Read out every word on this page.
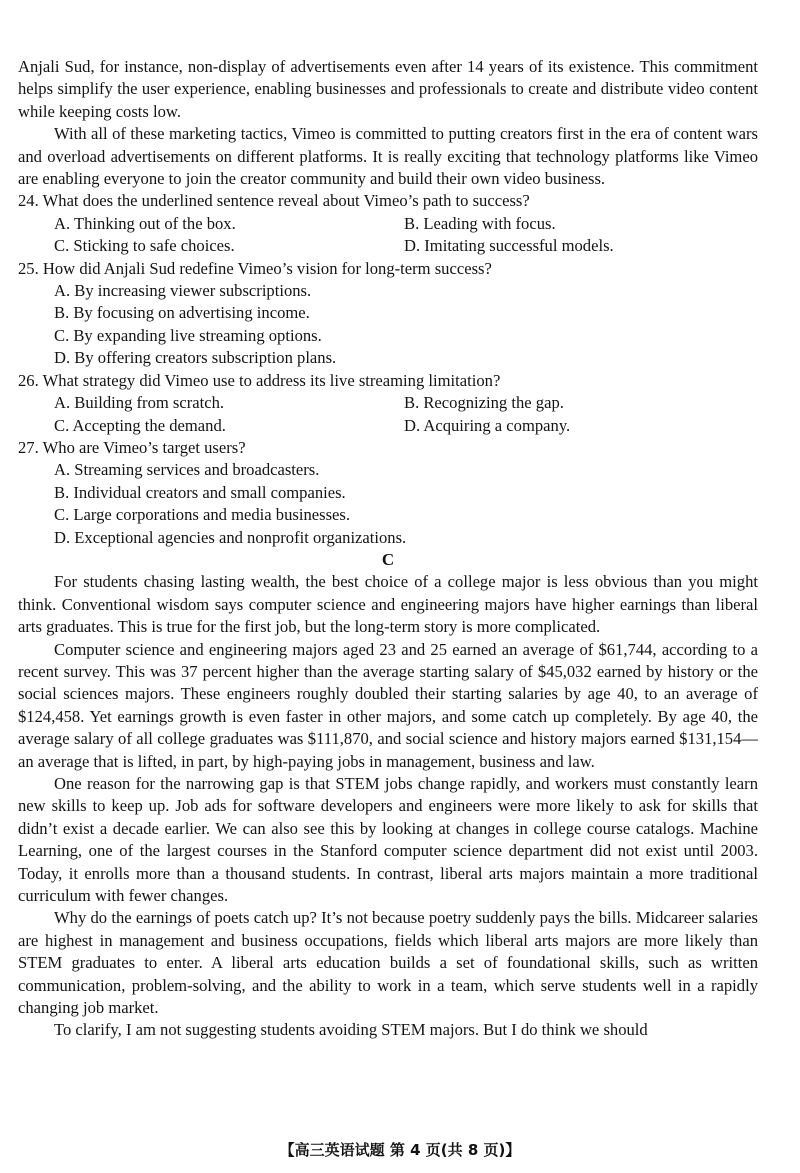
Anjali Sud, for instance, non-display of advertisements even after 14 years of its existence. This commitment helps simplify the user experience, enabling businesses and professionals to create and distribute video content while keeping costs low.

With all of these marketing tactics, Vimeo is committed to putting creators first in the era of content wars and overload advertisements on different platforms. It is really exciting that technology platforms like Vimeo are enabling everyone to join the creator community and build their own video business.

24. What does the underlined sentence reveal about Vimeo’s path to success?

A. Thinking out of the box.	B. Leading with focus.
C. Sticking to safe choices.	D. Imitating successful models.

25. How did Anjali Sud redefine Vimeo’s vision for long-term success?

A. By increasing viewer subscriptions.
B. By focusing on advertising income.
C. By expanding live streaming options.
D. By offering creators subscription plans.

26. What strategy did Vimeo use to address its live streaming limitation?

A. Building from scratch.	B. Recognizing the gap.
C. Accepting the demand.	D. Acquiring a company.

27. Who are Vimeo’s target users?

A. Streaming services and broadcasters.
B. Individual creators and small companies.
C. Large corporations and media businesses.
D. Exceptional agencies and nonprofit organizations.

C

For students chasing lasting wealth, the best choice of a college major is less obvious than you might think. Conventional wisdom says computer science and engineering majors have higher earnings than liberal arts graduates. This is true for the first job, but the long-term story is more complicated.

Computer science and engineering majors aged 23 and 25 earned an average of $61,744, according to a recent survey. This was 37 percent higher than the average starting salary of $45,032 earned by history or the social sciences majors. These engineers roughly doubled their starting salaries by age 40, to an average of $124,458. Yet earnings growth is even faster in other majors, and some catch up completely. By age 40, the average salary of all college graduates was $111,870, and social science and history majors earned $131,154—an average that is lifted, in part, by high-paying jobs in management, business and law.

One reason for the narrowing gap is that STEM jobs change rapidly, and workers must constantly learn new skills to keep up. Job ads for software developers and engineers were more likely to ask for skills that didn’t exist a decade earlier. We can also see this by looking at changes in college course catalogs. Machine Learning, one of the largest courses in the Stanford computer science department did not exist until 2003. Today, it enrolls more than a thousand students. In contrast, liberal arts majors maintain a more traditional curriculum with fewer changes.

Why do the earnings of poets catch up? It’s not because poetry suddenly pays the bills. Midcareer salaries are highest in management and business occupations, fields which liberal arts majors are more likely than STEM graduates to enter. A liberal arts education builds a set of foundational skills, such as written communication, problem-solving, and the ability to work in a team, which serve students well in a rapidly changing job market.

To clarify, I am not suggesting students avoiding STEM majors. But I do think we should

【高三英语试题 第 4 页(共 8 页)】
